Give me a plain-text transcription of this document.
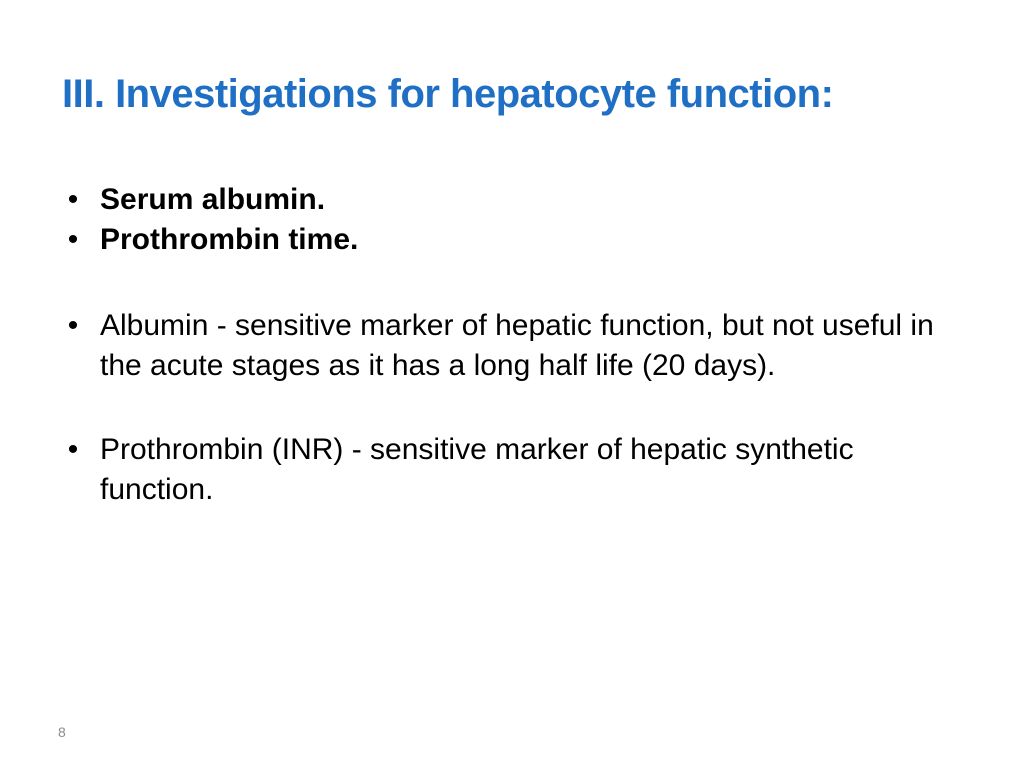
III. Investigations for hepatocyte function:
• Serum albumin.
• Prothrombin time.
• Albumin - sensitive marker of hepatic function, but not useful in the acute stages as it has a long half life (20 days).
• Prothrombin (INR) - sensitive marker of hepatic synthetic function.
8
